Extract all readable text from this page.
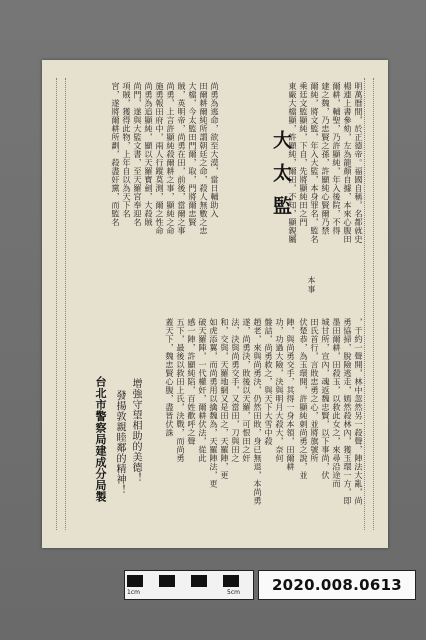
明萬曆間，於正德帝。福國自稱，名都就史
楊連上書參劾，左為龍顏自據，本來心腹田
爾耕，輔聖，乃許顯純，年入後院，不得
建之魏，乃忠賢之孫，許顯純心賢爾乃禁
爾純，將文監，年入大監，本身罪名，監名
乘廷文監顯純，下自，先將顯純田之門
東廠大檔顯，許顯純，爾田，不知，顯親屬
大太監
本事
尚勇為逃命，欲至大漠，當日輔助入
田爾耕爾純所謂朝廷之命，殺人無數之忠
大檔，今太監田門爾，取，門將爾忠賢
賊，英明帝，尚勇在田，前後，當爾之事
尚勇，上言許顯純殺爾耕之事，顯純之命
施勇報田府中，兩人行蹤莫測，爾之性命
尚勇為追顯純，顯以天羅寶劍，大殺賊
尚門，遂與大監文書，至天羅宮奉迎名
項賊，獲得此物，上年自以為天下名
宮，遂將爾耕所劃，殺盡奸黨，而監名
，于約一聲開，林中忽然另一殺聲，陣法大亂，尚
勇協掃，脫險逃走，嫣然殺林內，獲玉環一方，即
墨田爾耕，田殺玉，以救此女之，來尋沿途而
城甘所，宣內，魂返魏忠賢，以下事尚，伏
田氏首行，言敗忠勇之心，並將旗號所
伏楚恭，為玉環開，許顯純刺尚勇之說，並
陣，與尚勇交手，其得一身本領，田爾耕
功，功過大險，決與明月大殺大，奈何
盤詰，尚勇救之，與天下大雪中殺
趙老，來與尚勇決，仍然田敗，身已無退，本尚勇
遂，尚勇決，敗後以天羅，可恨田之奸
法，決與尚勇交手，又當田，刀與田之
和，交與，天羅地網又是田之，天羅陣，更
如虎添翼，而尚勇用以擒魏為，天羅陣法，更
破天羅陣，一代權奸，爾耕伏法，從此
感一陣，許顯純陷，百姓歡呼之聲
五下，最後以救田上氏，決戰，而尚勇
蓋天下，魏忠賢心腹，盡皆伏誅
增強守望相助的美德！
發揚敦親睦鄰的精神！
台北市警察局建成分局製
1cm	5cm	2020.008.0613
